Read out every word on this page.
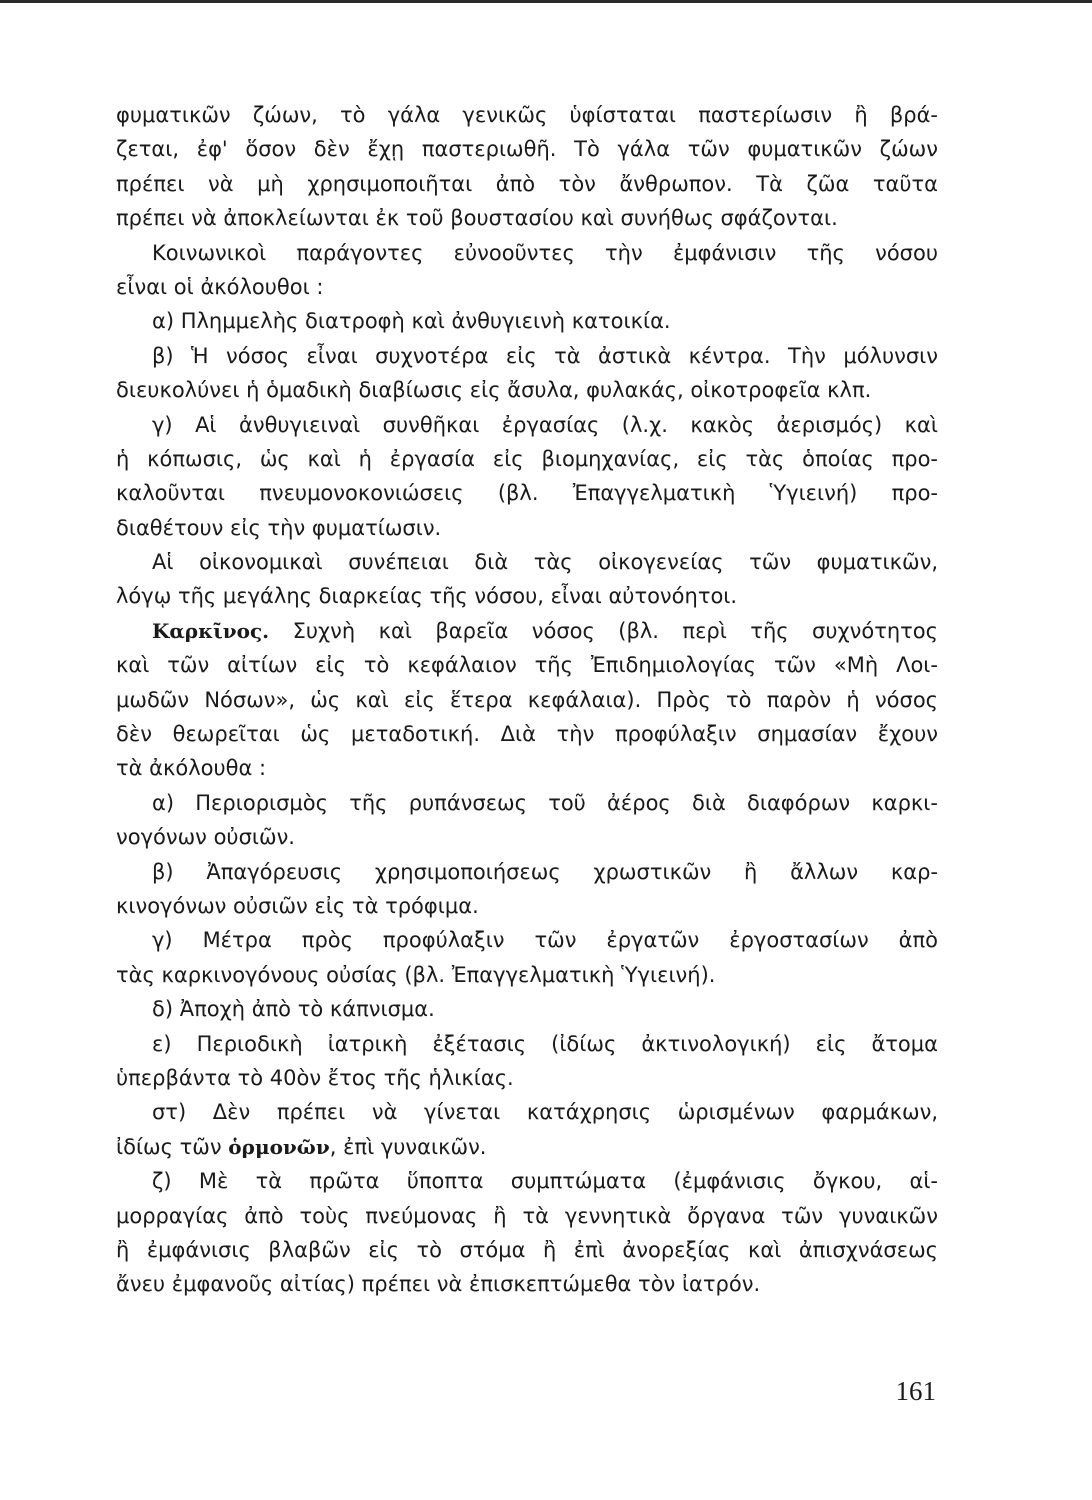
φυματικῶν ζώων, τὸ γάλα γενικῶς ὑφίσταται παστερίωσιν ἢ βρά-
ζεται, ἐφ' ὅσον δὲν ἔχῃ παστεριωθῆ. Τὸ γάλα τῶν φυματικῶν ζώων
πρέπει νὰ μὴ χρησιμοποιῆται ἀπὸ τὸν ἄνθρωπον. Τὰ ζῶα ταῦτα
πρέπει νὰ ἀποκλείωνται ἐκ τοῦ βουστασίου καὶ συνήθως σφάζονται.
Κοινωνικοὶ παράγοντες εὐνοοῦντες τὴν ἐμφάνισιν τῆς νόσου
εἶναι οἱ ἀκόλουθοι :
α) Πλημμελὴς διατροφὴ καὶ ἀνθυγιεινὴ κατοικία.
β) Ἡ νόσος εἶναι συχνοτέρα εἰς τὰ ἀστικὰ κέντρα. Τὴν μόλυνσιν
διευκολύνει ἡ ὁμαδικὴ διαβίωσις εἰς ἄσυλα, φυλακάς, οἰκοτροφεῖα κλπ.
γ) Αἱ ἀνθυγιειναὶ συνθῆκαι ἐργασίας (λ.χ. κακὸς ἀερισμός) καὶ
ἡ κόπωσις, ὡς καὶ ἡ ἐργασία εἰς βιομηχανίας, εἰς τὰς ὁποίας προ-
καλοῦνται πνευμονοκονιώσεις (βλ. Ἐπαγγελματικὴ Ὑγιεινή) προ-
διαθέτουν εἰς τὴν φυματίωσιν.
Αἱ οἰκονομικαὶ συνέπειαι διὰ τὰς οἰκογενείας τῶν φυματικῶν,
λόγῳ τῆς μεγάλης διαρκείας τῆς νόσου, εἶναι αὐτονόητοι.
Καρκῖνος. Συχνὴ καὶ βαρεῖα νόσος (βλ. περὶ τῆς συχνότητος
καὶ τῶν αἰτίων εἰς τὸ κεφάλαιον τῆς Ἐπιδημιολογίας τῶν «Μὴ Λοι-
μωδῶν Νόσων», ὡς καὶ εἰς ἕτερα κεφάλαια). Πρὸς τὸ παρὸν ἡ νόσος
δὲν θεωρεῖται ὡς μεταδοτική. Διὰ τὴν προφύλαξιν σημασίαν ἔχουν
τὰ ἀκόλουθα :
α) Περιορισμὸς τῆς ρυπάνσεως τοῦ ἀέρος διὰ διαφόρων καρκι-
νογόνων οὐσιῶν.
β) Ἀπαγόρευσις χρησιμοποιήσεως χρωστικῶν ἢ ἄλλων καρ-
κινογόνων οὐσιῶν εἰς τὰ τρόφιμα.
γ) Μέτρα πρὸς προφύλαξιν τῶν ἐργατῶν ἐργοστασίων ἀπὸ
τὰς καρκινογόνους οὐσίας (βλ. Ἐπαγγελματικὴ Ὑγιεινή).
δ) Ἀποχὴ ἀπὸ τὸ κάπνισμα.
ε) Περιοδικὴ ἰατρικὴ ἐξέτασις (ἰδίως ἀκτινολογική) εἰς ἄτομα
ὑπερβάντα τὸ 40ὸν ἔτος τῆς ἡλικίας.
στ) Δὲν πρέπει νὰ γίνεται κατάχρησις ὡρισμένων φαρμάκων,
ἰδίως τῶν ὁρμονῶν, ἐπὶ γυναικῶν.
ζ) Μὲ τὰ πρῶτα ὕποπτα συμπτώματα (ἐμφάνισις ὄγκου, αἱ-
μορραγίας ἀπὸ τοὺς πνεύμονας ἢ τὰ γεννητικὰ ὄργανα τῶν γυναικῶν
ἢ ἐμφάνισις βλαβῶν εἰς τὸ στόμα ἢ ἐπὶ ἀνορεξίας καὶ ἀπισχνάσεως
ἄνευ ἐμφανοῦς αἰτίας) πρέπει νὰ ἐπισκεπτώμεθα τὸν ἰατρόν.
161
